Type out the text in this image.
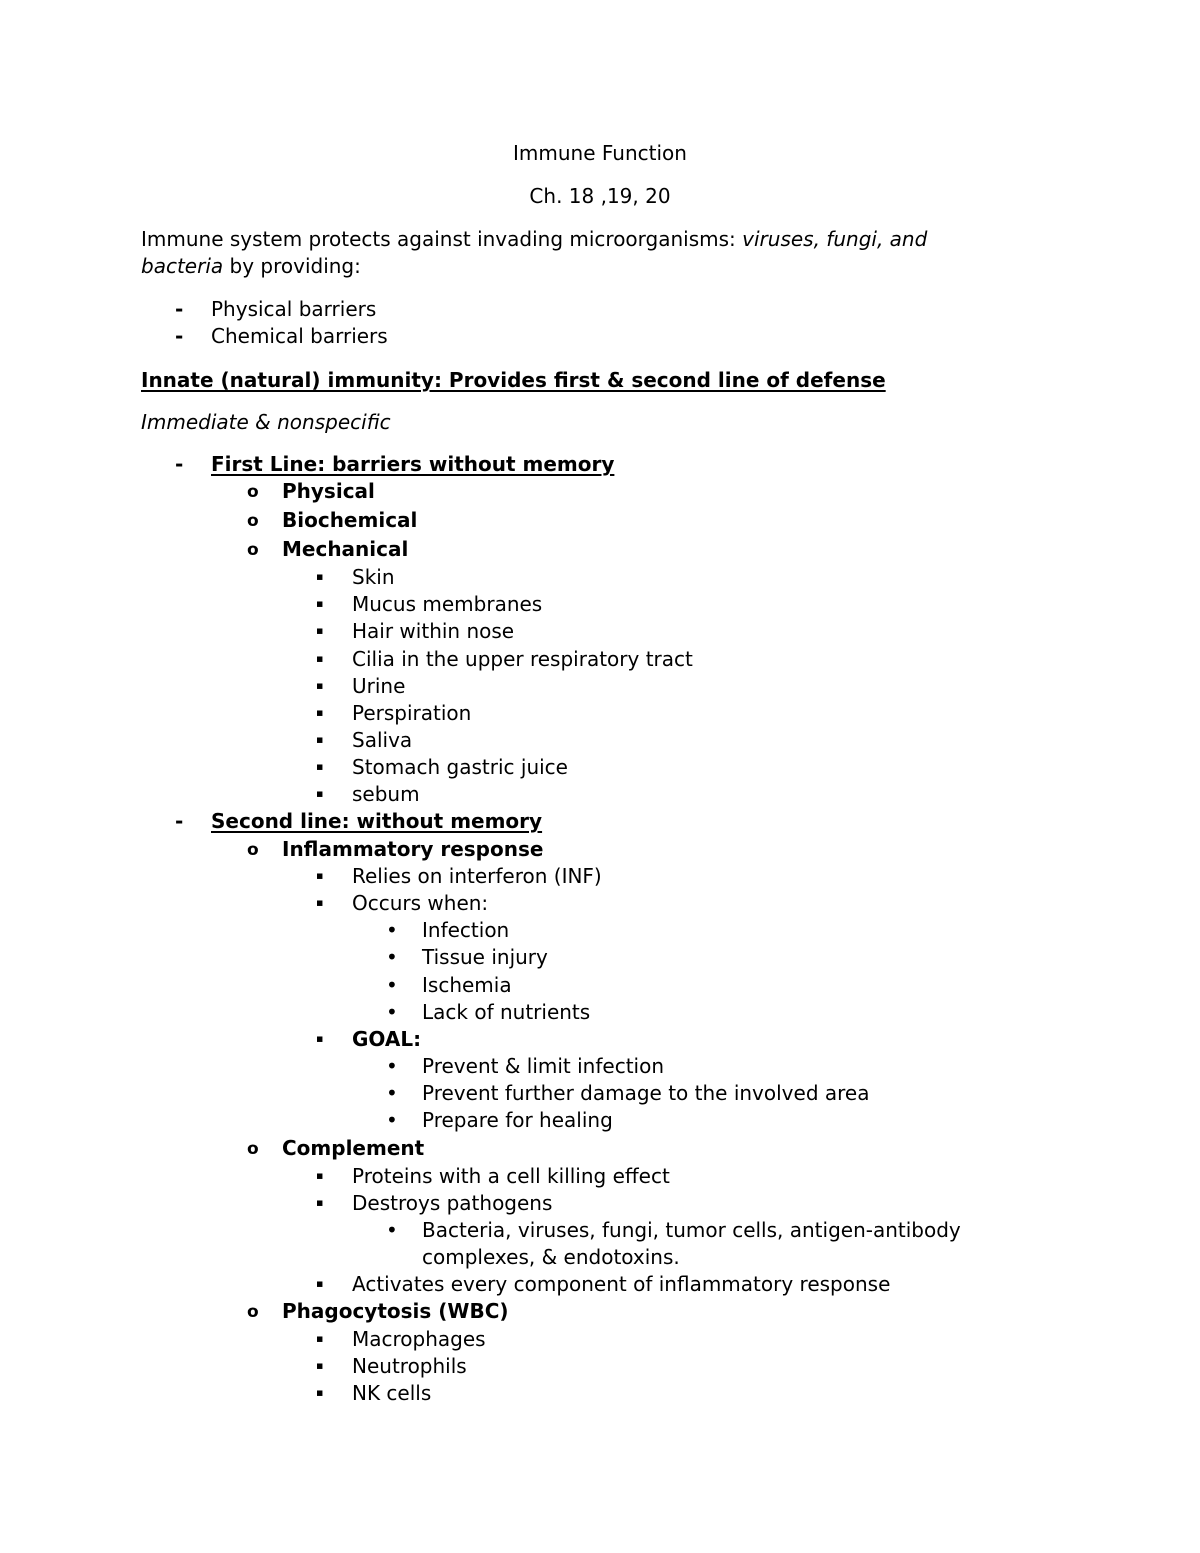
Immune Function
Ch. 18 ,19, 20
Immune system protects against invading microorganisms: viruses, fungi, and
bacteria by providing:
- Physical barriers
- Chemical barriers
Innate (natural) immunity: Provides first & second line of defense
Immediate & nonspecific
- First Line: barriers without memory
o Physical
o Biochemical
o Mechanical
▪ Skin
▪ Mucus membranes
▪ Hair within nose
▪ Cilia in the upper respiratory tract
▪ Urine
▪ Perspiration
▪ Saliva
▪ Stomach gastric juice
▪ sebum
- Second line: without memory
o Inflammatory response
▪ Relies on interferon (INF)
▪ Occurs when:
• Infection
• Tissue injury
• Ischemia
• Lack of nutrients
▪ GOAL:
• Prevent & limit infection
• Prevent further damage to the involved area
• Prepare for healing
o Complement
▪ Proteins with a cell killing effect
▪ Destroys pathogens
• Bacteria, viruses, fungi, tumor cells, antigen-antibody
complexes, & endotoxins.
▪ Activates every component of inflammatory response
o Phagocytosis (WBC)
▪ Macrophages
▪ Neutrophils
▪ NK cells
